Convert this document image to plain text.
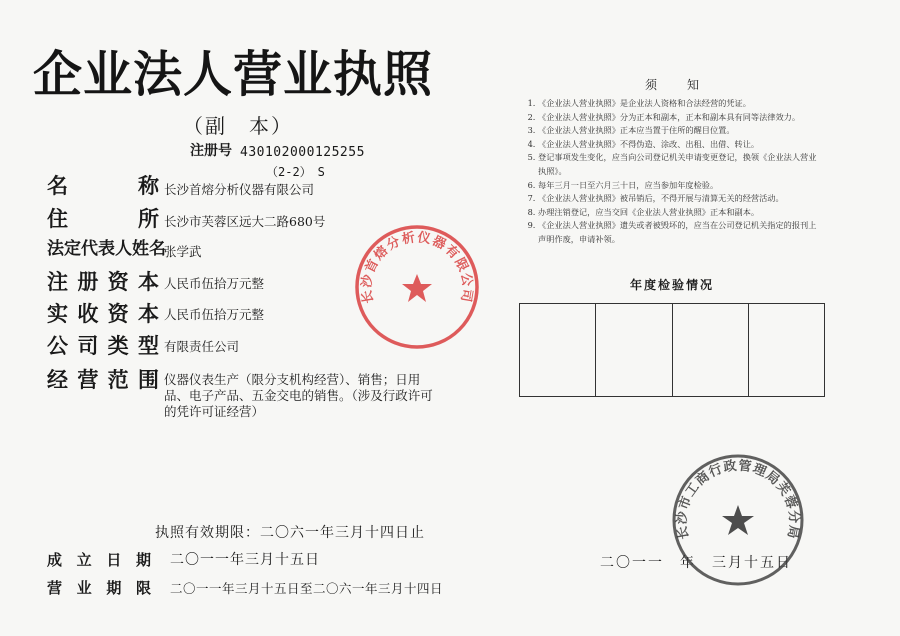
企业法人营业执照
（副　本）
注册号 430102000125255
（2-2）　S
名	称 长沙首熔分析仪器有限公司
住	所 长沙市芙蓉区远大二路680号
法定代表人姓名
张学武
注 册 资 本 人民币伍拾万元整
实 收 资 本 人民币伍拾万元整
公 司 类 型 有限责任公司
经 营 范 围 仪器仪表生产（限分支机构经营）、销售；日用品、电子产品、五金交电的销售。（涉及行政许可的凭许可证经营）
执照有效期限：二〇六一年三月十四日止
成 立 日 期 二〇一一年三月十五日
营 业 期 限 二〇一一年三月十五日至二〇六一年三月十四日
须知
1. 《企业法人营业执照》是企业法人资格和合法经营的凭证。
2. 《企业法人营业执照》分为正本和副本，正本和副本具有同等法律效力。
3. 《企业法人营业执照》正本应当置于住所的醒目位置。
4. 《企业法人营业执照》不得伪造、涂改、出租、出借、转让。
5. 登记事项发生变化，应当向公司登记机关申请变更登记，换领《企业法人营业执照》。
6. 每年三月一日至六月三十日，应当参加年度检验。
7. 《企业法人营业执照》被吊销后，不得开展与清算无关的经营活动。
8. 办理注销登记，应当交回《企业法人营业执照》正本和副本。
9. 《企业法人营业执照》遗失或者被毁坏的，应当在公司登记机关指定的报刊上声明作废，申请补领。
年度检验情况
二〇一一　年　三月十五日
长沙首熔分析仪器有限公司
长沙市工商行政管理局芙蓉分局
